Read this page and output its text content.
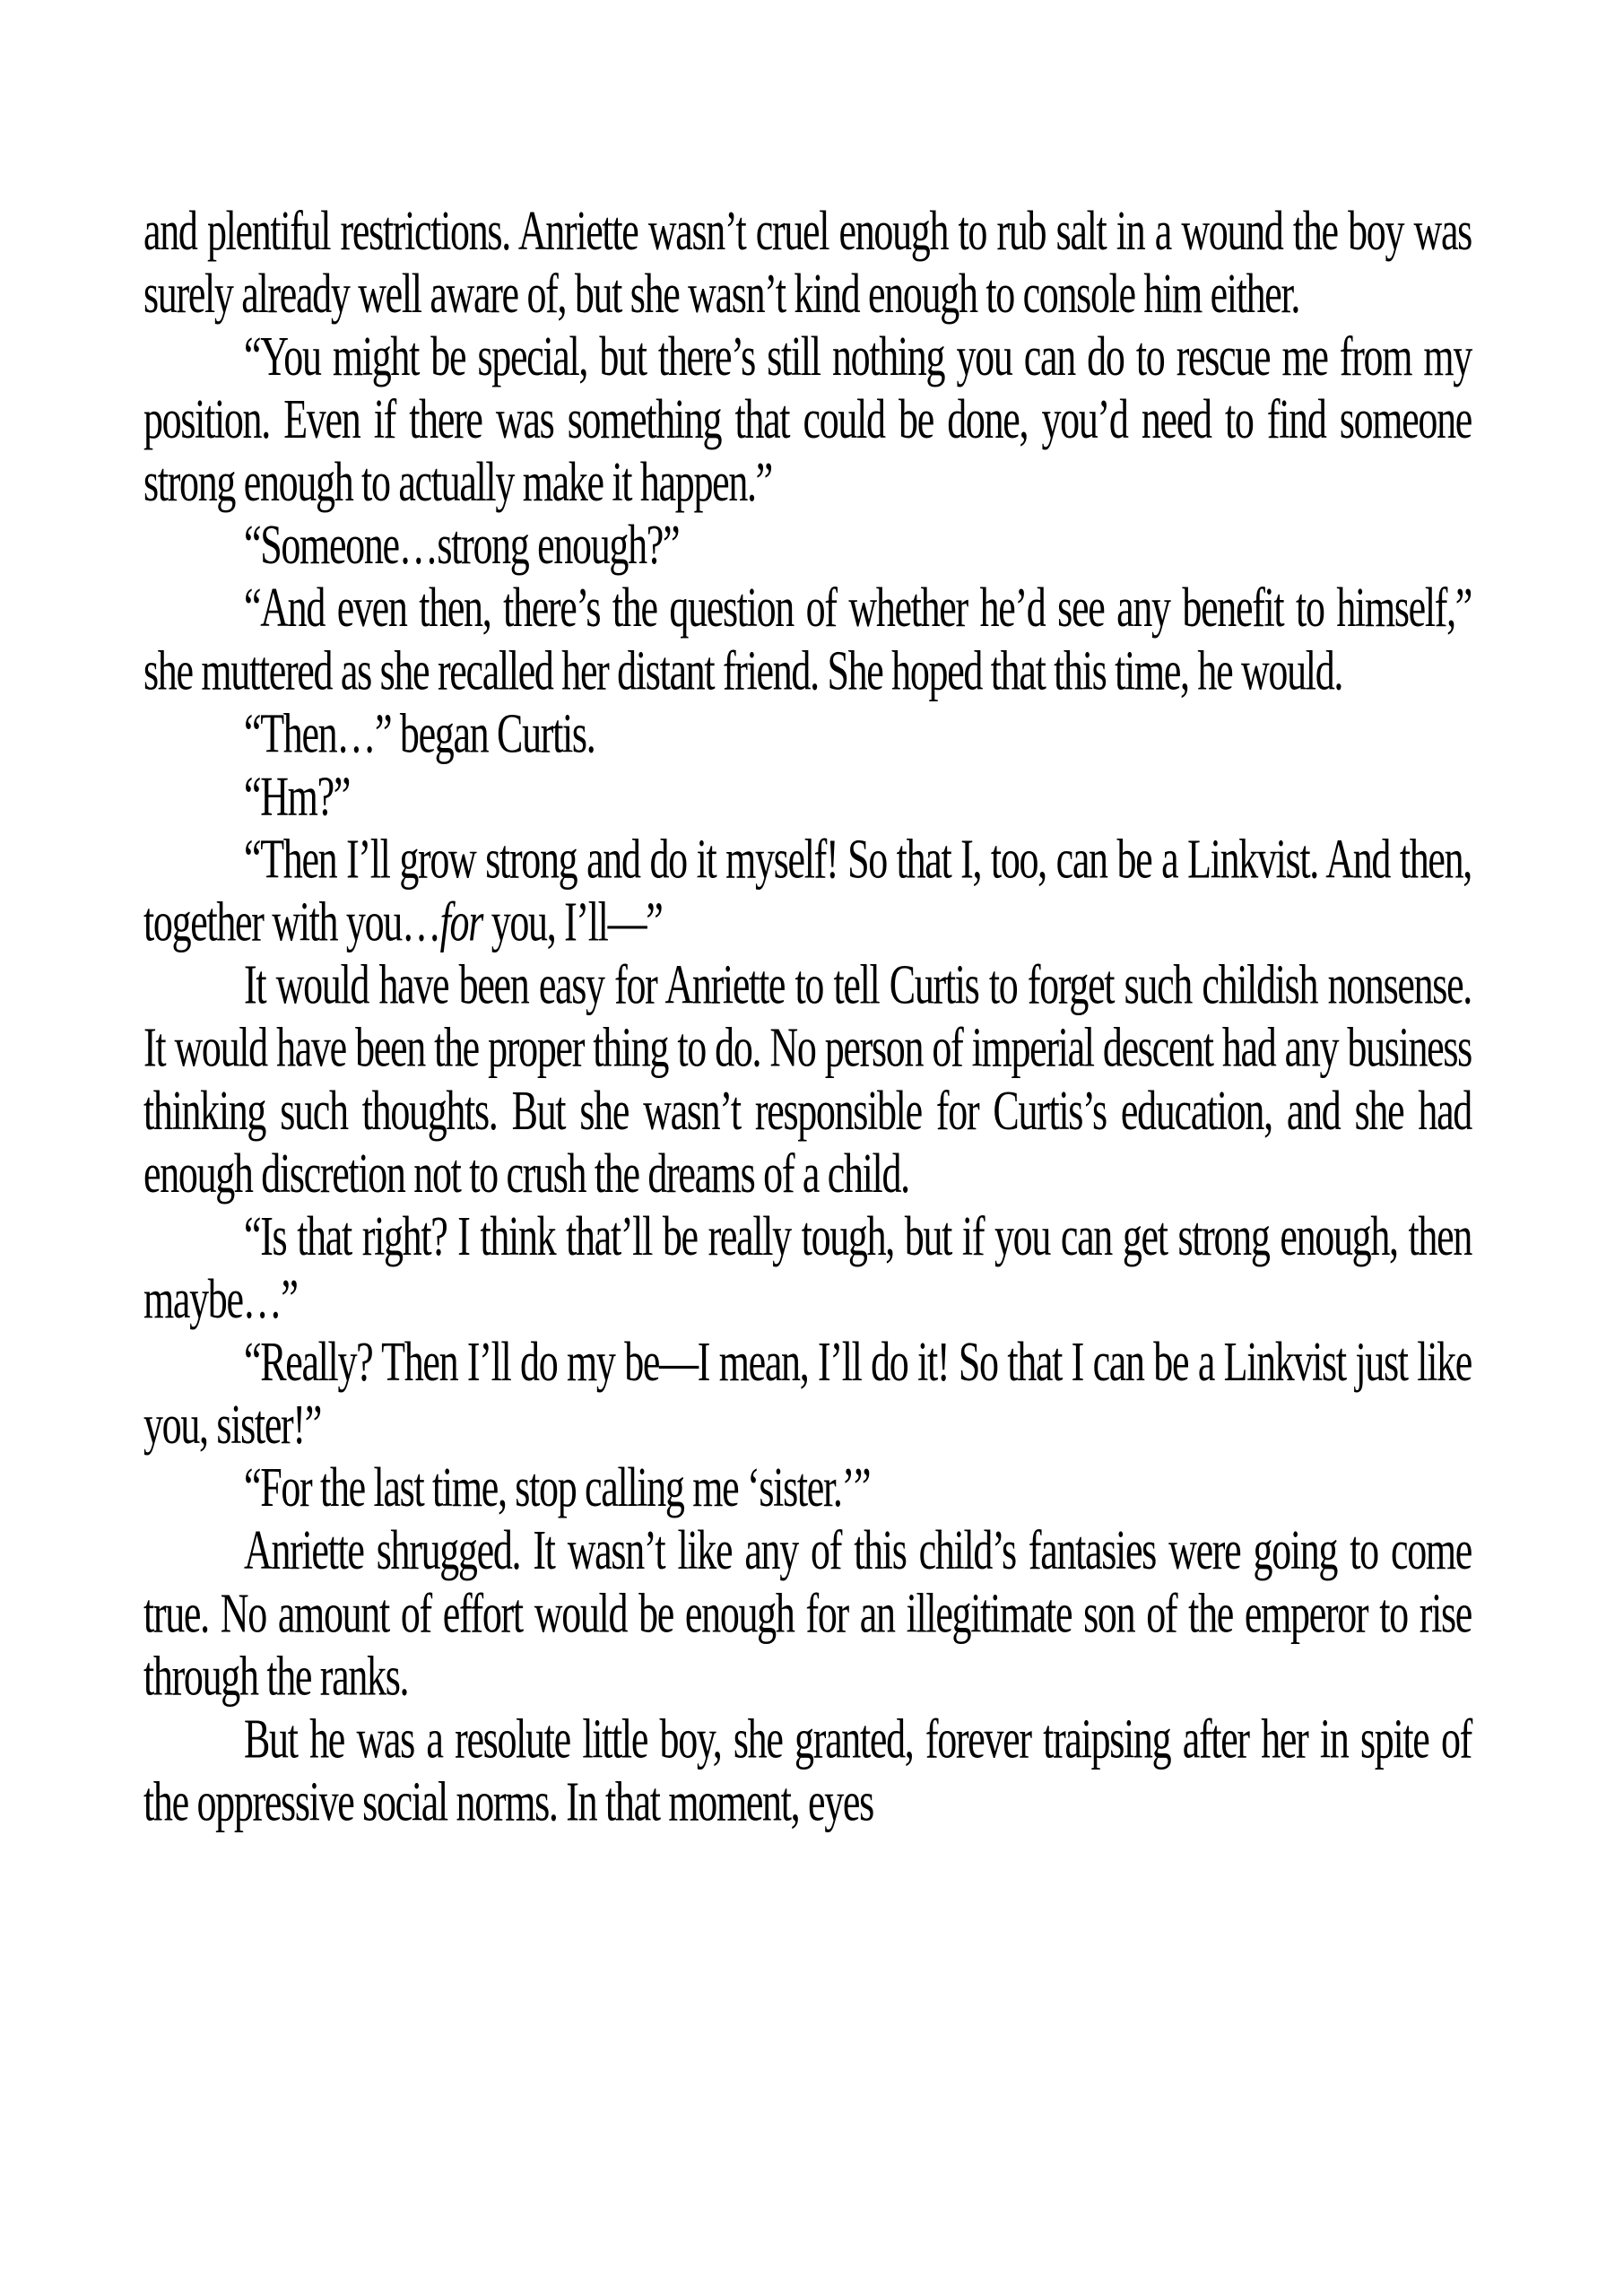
and plentiful restrictions. Anriette wasn’t cruel enough to rub salt in a wound the boy was surely already well aware of, but she wasn’t kind enough to console him either.

“You might be special, but there’s still nothing you can do to rescue me from my position. Even if there was something that could be done, you’d need to find someone strong enough to actually make it happen.”

“Someone…strong enough?”

“And even then, there’s the question of whether he’d see any benefit to himself,” she muttered as she recalled her distant friend. She hoped that this time, he would.

“Then…” began Curtis.

“Hm?”

“Then I’ll grow strong and do it myself! So that I, too, can be a Linkvist. And then, together with you…for you, I’ll—”

It would have been easy for Anriette to tell Curtis to forget such childish nonsense. It would have been the proper thing to do. No person of imperial descent had any business thinking such thoughts. But she wasn’t responsible for Curtis’s education, and she had enough discretion not to crush the dreams of a child.

“Is that right? I think that’ll be really tough, but if you can get strong enough, then maybe…”

“Really? Then I’ll do my be—I mean, I’ll do it! So that I can be a Linkvist just like you, sister!”

“For the last time, stop calling me ‘sister.’”

Anriette shrugged. It wasn’t like any of this child’s fantasies were going to come true. No amount of effort would be enough for an illegitimate son of the emperor to rise through the ranks.

But he was a resolute little boy, she granted, forever traipsing after her in spite of the oppressive social norms. In that moment, eyes
